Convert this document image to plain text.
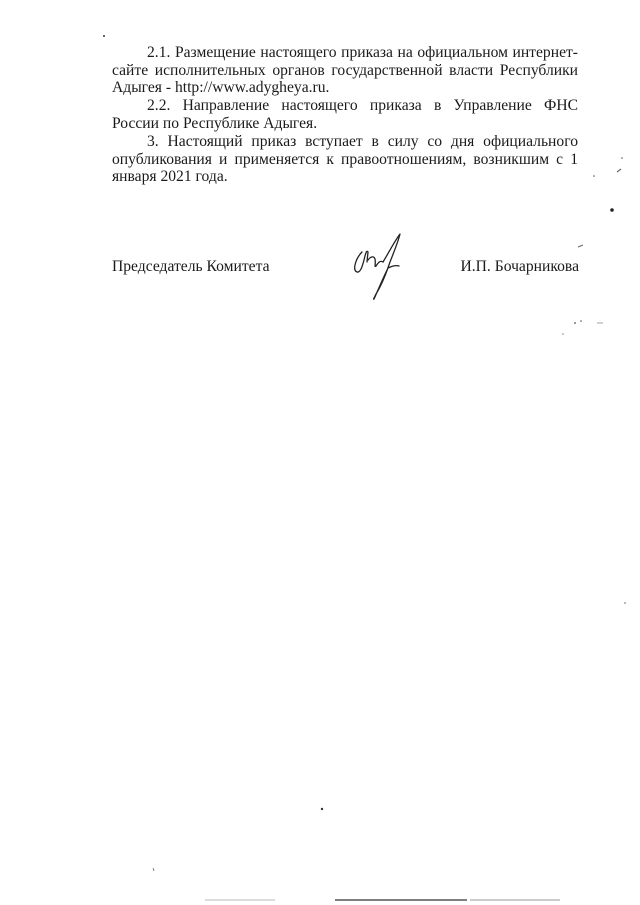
2.1. Размещение настоящего приказа на официальном интернет-сайте исполнительных органов государственной власти Республики Адыгея - http://www.adygheya.ru.

2.2. Направление настоящего приказа в Управление ФНС России по Республике Адыгея.

3. Настоящий приказ вступает в силу со дня официального опубликования и применяется к правоотношениям, возникшим с 1 января 2021 года.

Председатель Комитета	И.П. Бочарникова
